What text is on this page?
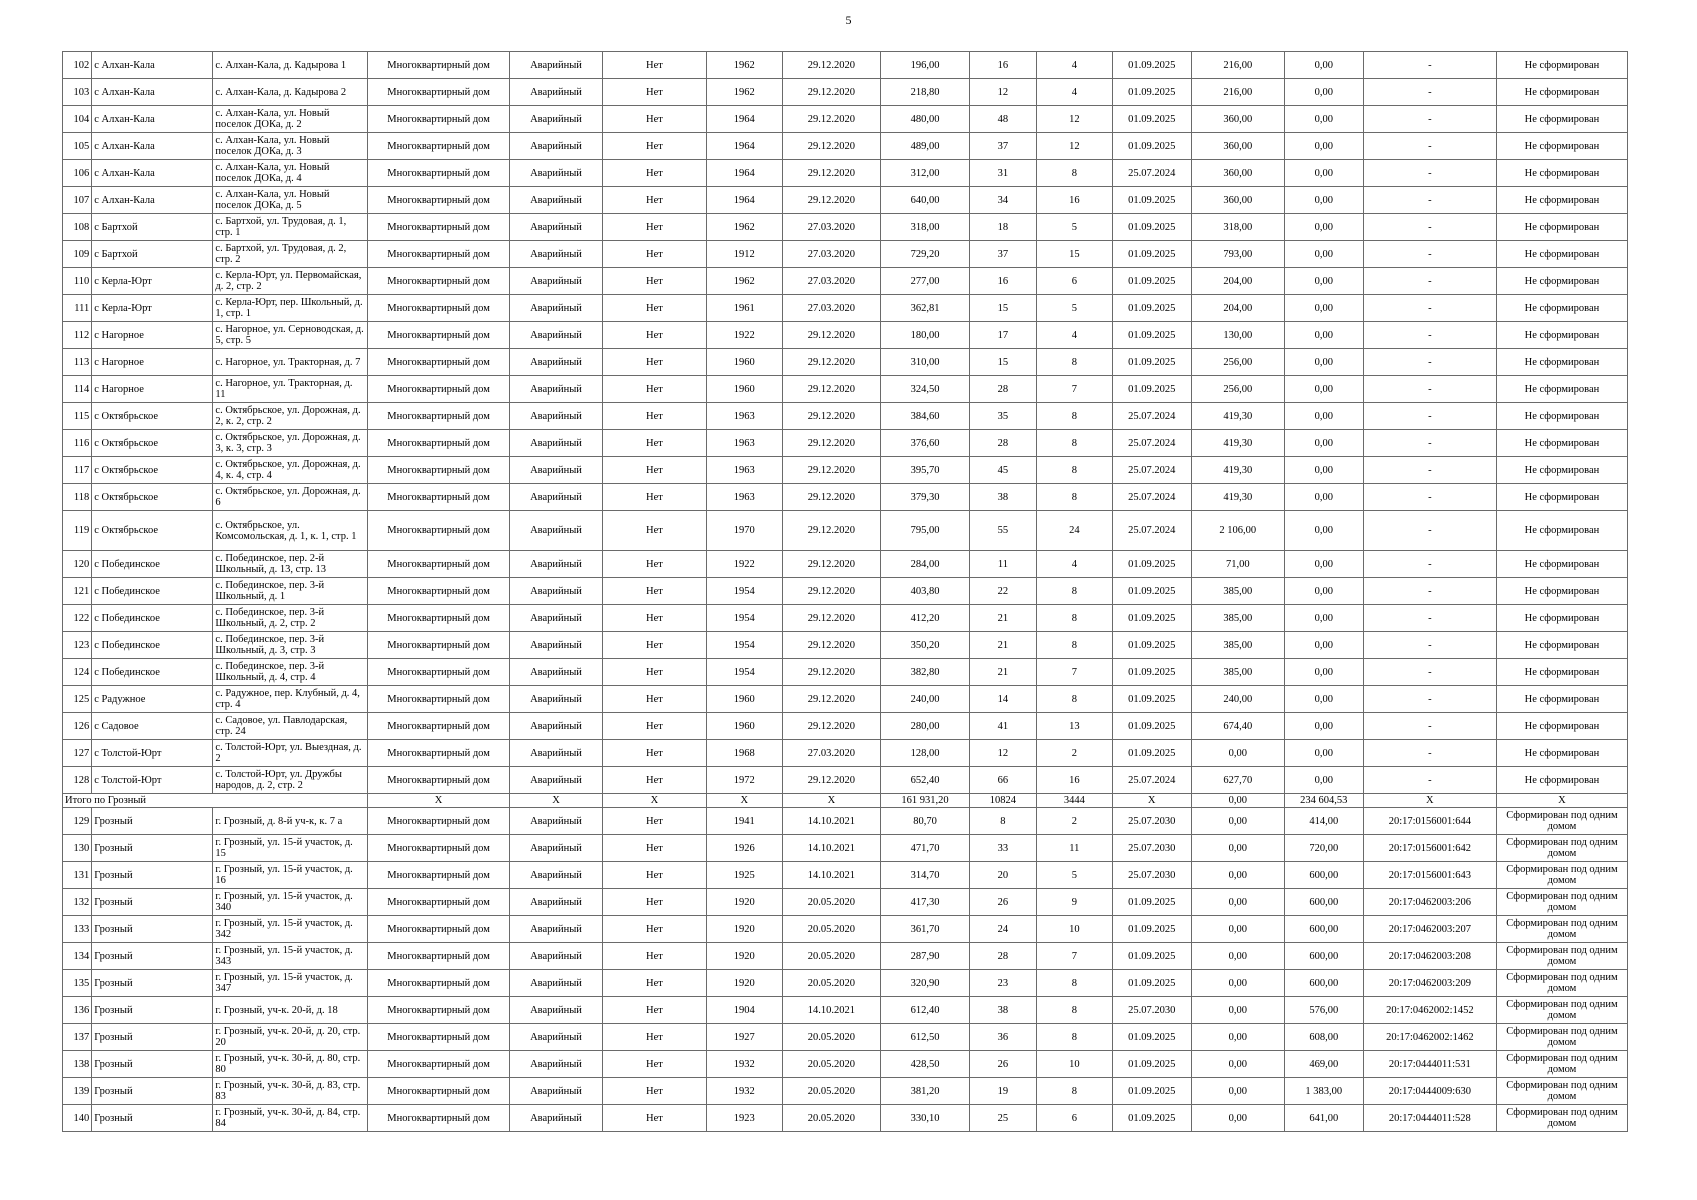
5
102	с Алхан-Кала	с. Алхан-Кала, д. Кадырова 1	Многоквартирный дом	Аварийный	Нет	1962	29.12.2020	196,00	16	4	01.09.2025	216,00	0,00	-	Не сформирован
103	с Алхан-Кала	с. Алхан-Кала, д. Кадырова 2	Многоквартирный дом	Аварийный	Нет	1962	29.12.2020	218,80	12	4	01.09.2025	216,00	0,00	-	Не сформирован
104	с Алхан-Кала	с. Алхан-Кала, ул. Новый поселок ДОКа, д. 2	Многоквартирный дом	Аварийный	Нет	1964	29.12.2020	480,00	48	12	01.09.2025	360,00	0,00	-	Не сформирован
105	с Алхан-Кала	с. Алхан-Кала, ул. Новый поселок ДОКа, д. 3	Многоквартирный дом	Аварийный	Нет	1964	29.12.2020	489,00	37	12	01.09.2025	360,00	0,00	-	Не сформирован
106	с Алхан-Кала	с. Алхан-Кала, ул. Новый поселок ДОКа, д. 4	Многоквартирный дом	Аварийный	Нет	1964	29.12.2020	312,00	31	8	25.07.2024	360,00	0,00	-	Не сформирован
107	с Алхан-Кала	с. Алхан-Кала, ул. Новый поселок ДОКа, д. 5	Многоквартирный дом	Аварийный	Нет	1964	29.12.2020	640,00	34	16	01.09.2025	360,00	0,00	-	Не сформирован
108	с Бартхой	с. Бартхой, ул. Трудовая, д. 1, стр. 1	Многоквартирный дом	Аварийный	Нет	1962	27.03.2020	318,00	18	5	01.09.2025	318,00	0,00	-	Не сформирован
109	с Бартхой	с. Бартхой, ул. Трудовая, д. 2, стр. 2	Многоквартирный дом	Аварийный	Нет	1912	27.03.2020	729,20	37	15	01.09.2025	793,00	0,00	-	Не сформирован
110	с Керла-Юрт	с. Керла-Юрт, ул. Первомайская, д. 2, стр. 2	Многоквартирный дом	Аварийный	Нет	1962	27.03.2020	277,00	16	6	01.09.2025	204,00	0,00	-	Не сформирован
111	с Керла-Юрт	с. Керла-Юрт, пер. Школьный, д. 1, стр. 1	Многоквартирный дом	Аварийный	Нет	1961	27.03.2020	362,81	15	5	01.09.2025	204,00	0,00	-	Не сформирован
112	с Нагорное	с. Нагорное, ул. Серноводская, д. 5, стр. 5	Многоквартирный дом	Аварийный	Нет	1922	29.12.2020	180,00	17	4	01.09.2025	130,00	0,00	-	Не сформирован
113	с Нагорное	с. Нагорное, ул. Тракторная, д. 7	Многоквартирный дом	Аварийный	Нет	1960	29.12.2020	310,00	15	8	01.09.2025	256,00	0,00	-	Не сформирован
114	с Нагорное	с. Нагорное, ул. Тракторная, д. 11	Многоквартирный дом	Аварийный	Нет	1960	29.12.2020	324,50	28	7	01.09.2025	256,00	0,00	-	Не сформирован
115	с Октябрьское	с. Октябрьское, ул. Дорожная, д. 2, к. 2, стр. 2	Многоквартирный дом	Аварийный	Нет	1963	29.12.2020	384,60	35	8	25.07.2024	419,30	0,00	-	Не сформирован
116	с Октябрьское	с. Октябрьское, ул. Дорожная, д. 3, к. 3, стр. 3	Многоквартирный дом	Аварийный	Нет	1963	29.12.2020	376,60	28	8	25.07.2024	419,30	0,00	-	Не сформирован
117	с Октябрьское	с. Октябрьское, ул. Дорожная, д. 4, к. 4, стр. 4	Многоквартирный дом	Аварийный	Нет	1963	29.12.2020	395,70	45	8	25.07.2024	419,30	0,00	-	Не сформирован
118	с Октябрьское	с. Октябрьское, ул. Дорожная, д. 6	Многоквартирный дом	Аварийный	Нет	1963	29.12.2020	379,30	38	8	25.07.2024	419,30	0,00	-	Не сформирован
119	с Октябрьское	с. Октябрьское, ул. Комсомольская, д. 1, к. 1, стр. 1	Многоквартирный дом	Аварийный	Нет	1970	29.12.2020	795,00	55	24	25.07.2024	2 106,00	0,00	-	Не сформирован
120	с Побединское	с. Побединское, пер. 2-й Школьный, д. 13, стр. 13	Многоквартирный дом	Аварийный	Нет	1922	29.12.2020	284,00	11	4	01.09.2025	71,00	0,00	-	Не сформирован
121	с Побединское	с. Побединское, пер. 3-й Школьный, д. 1	Многоквартирный дом	Аварийный	Нет	1954	29.12.2020	403,80	22	8	01.09.2025	385,00	0,00	-	Не сформирован
122	с Побединское	с. Побединское, пер. 3-й Школьный, д. 2, стр. 2	Многоквартирный дом	Аварийный	Нет	1954	29.12.2020	412,20	21	8	01.09.2025	385,00	0,00	-	Не сформирован
123	с Побединское	с. Побединское, пер. 3-й Школьный, д. 3, стр. 3	Многоквартирный дом	Аварийный	Нет	1954	29.12.2020	350,20	21	8	01.09.2025	385,00	0,00	-	Не сформирован
124	с Побединское	с. Побединское, пер. 3-й Школьный, д. 4, стр. 4	Многоквартирный дом	Аварийный	Нет	1954	29.12.2020	382,80	21	7	01.09.2025	385,00	0,00	-	Не сформирован
125	с Радужное	с. Радужное, пер. Клубный, д. 4, стр. 4	Многоквартирный дом	Аварийный	Нет	1960	29.12.2020	240,00	14	8	01.09.2025	240,00	0,00	-	Не сформирован
126	с Садовое	с. Садовое, ул. Павлодарская, стр. 24	Многоквартирный дом	Аварийный	Нет	1960	29.12.2020	280,00	41	13	01.09.2025	674,40	0,00	-	Не сформирован
127	с Толстой-Юрт	с. Толстой-Юрт, ул. Выездная, д. 2	Многоквартирный дом	Аварийный	Нет	1968	27.03.2020	128,00	12	2	01.09.2025	0,00	0,00	-	Не сформирован
128	с Толстой-Юрт	с. Толстой-Юрт, ул. Дружбы народов, д. 2, стр. 2	Многоквартирный дом	Аварийный	Нет	1972	29.12.2020	652,40	66	16	25.07.2024	627,70	0,00	-	Не сформирован
Итого по Грозный			X	X	X	X	X	161 931,20	10824	3444	X	0,00	234 604,53	X	X
129	Грозный	г. Грозный, д. 8-й уч-к, к. 7 а	Многоквартирный дом	Аварийный	Нет	1941	14.10.2021	80,70	8	2	25.07.2030	0,00	414,00	20:17:0156001:644	Сформирован под одним домом
130	Грозный	г. Грозный, ул. 15-й участок, д. 15	Многоквартирный дом	Аварийный	Нет	1926	14.10.2021	471,70	33	11	25.07.2030	0,00	720,00	20:17:0156001:642	Сформирован под одним домом
131	Грозный	г. Грозный, ул. 15-й участок, д. 16	Многоквартирный дом	Аварийный	Нет	1925	14.10.2021	314,70	20	5	25.07.2030	0,00	600,00	20:17:0156001:643	Сформирован под одним домом
132	Грозный	г. Грозный, ул. 15-й участок, д. 340	Многоквартирный дом	Аварийный	Нет	1920	20.05.2020	417,30	26	9	01.09.2025	0,00	600,00	20:17:0462003:206	Сформирован под одним домом
133	Грозный	г. Грозный, ул. 15-й участок, д. 342	Многоквартирный дом	Аварийный	Нет	1920	20.05.2020	361,70	24	10	01.09.2025	0,00	600,00	20:17:0462003:207	Сформирован под одним домом
134	Грозный	г. Грозный, ул. 15-й участок, д. 343	Многоквартирный дом	Аварийный	Нет	1920	20.05.2020	287,90	28	7	01.09.2025	0,00	600,00	20:17:0462003:208	Сформирован под одним домом
135	Грозный	г. Грозный, ул. 15-й участок, д. 347	Многоквартирный дом	Аварийный	Нет	1920	20.05.2020	320,90	23	8	01.09.2025	0,00	600,00	20:17:0462003:209	Сформирован под одним домом
136	Грозный	г. Грозный, уч-к. 20-й, д. 18	Многоквартирный дом	Аварийный	Нет	1904	14.10.2021	612,40	38	8	25.07.2030	0,00	576,00	20:17:0462002:1452	Сформирован под одним домом
137	Грозный	г. Грозный, уч-к. 20-й, д. 20, стр. 20	Многоквартирный дом	Аварийный	Нет	1927	20.05.2020	612,50	36	8	01.09.2025	0,00	608,00	20:17:0462002:1462	Сформирован под одним домом
138	Грозный	г. Грозный, уч-к. 30-й, д. 80, стр. 80	Многоквартирный дом	Аварийный	Нет	1932	20.05.2020	428,50	26	10	01.09.2025	0,00	469,00	20:17:0444011:531	Сформирован под одним домом
139	Грозный	г. Грозный, уч-к. 30-й, д. 83, стр. 83	Многоквартирный дом	Аварийный	Нет	1932	20.05.2020	381,20	19	8	01.09.2025	0,00	1 383,00	20:17:0444009:630	Сформирован под одним домом
140	Грозный	г. Грозный, уч-к. 30-й, д. 84, стр. 84	Многоквартирный дом	Аварийный	Нет	1923	20.05.2020	330,10	25	6	01.09.2025	0,00	641,00	20:17:0444011:528	Сформирован под одним домом
